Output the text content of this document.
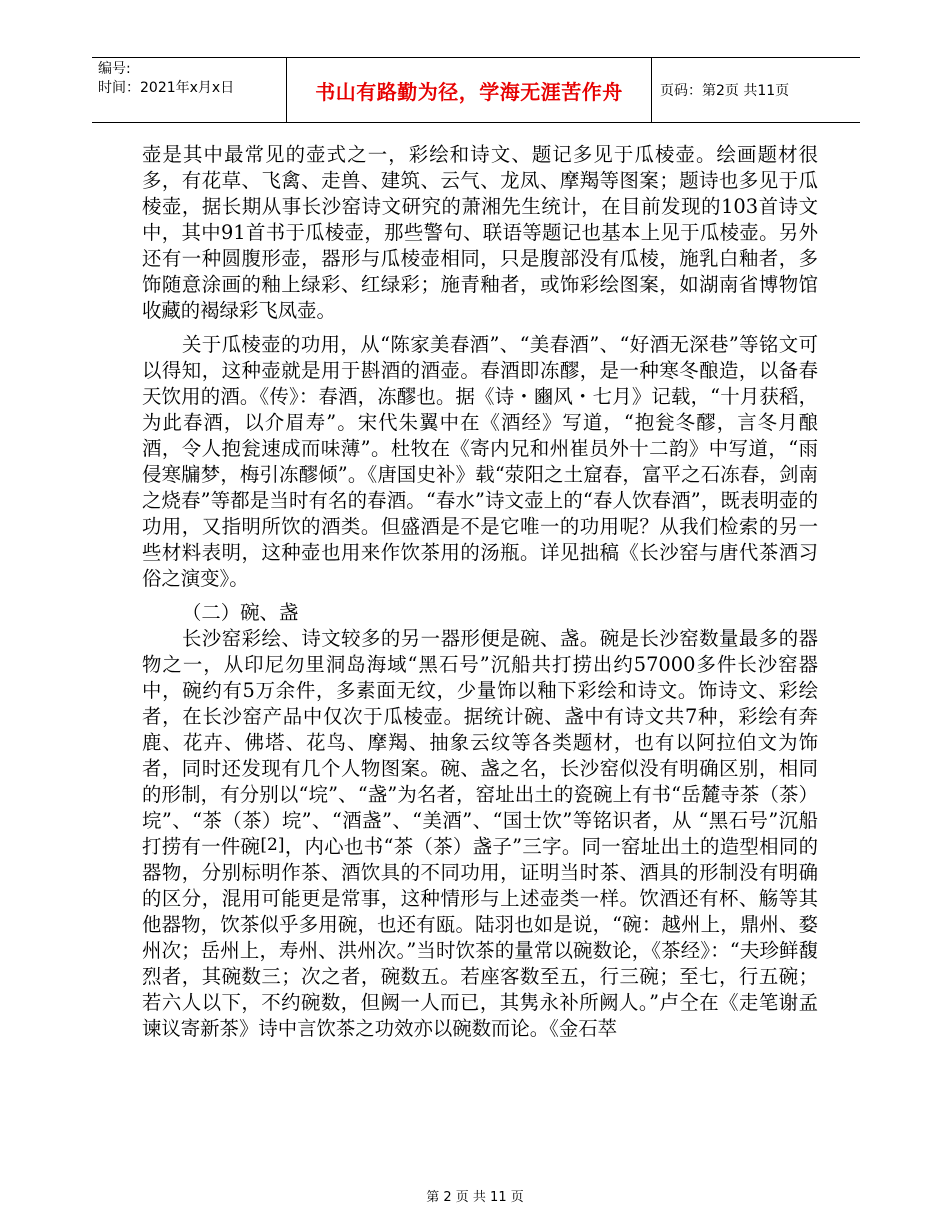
编号:
时间：2021年x月x日	书山有路勤为径，学海无涯苦作舟	页码：第2页 共11页

壶是其中最常见的壶式之一，彩绘和诗文、题记多见于瓜棱壶。绘画题材很多，有花草、飞禽、走兽、建筑、云气、龙凤、摩羯等图案；题诗也多见于瓜棱壶，据长期从事长沙窑诗文研究的萧湘先生统计，在目前发现的103首诗文中，其中91首书于瓜棱壶，那些警句、联语等题记也基本上见于瓜棱壶。另外还有一种圆腹形壶，器形与瓜棱壶相同，只是腹部没有瓜棱，施乳白釉者，多饰随意涂画的釉上绿彩、红绿彩；施青釉者，或饰彩绘图案，如湖南省博物馆收藏的褐绿彩飞凤壶。

关于瓜棱壶的功用，从“陈家美春酒”、“美春酒”、“好酒无深巷”等铭文可以得知，这种壶就是用于斟酒的酒壶。春酒即冻醪，是一种寒冬酿造，以备春天饮用的酒。《传》：春酒，冻醪也。据《诗・豳风・七月》记载，“十月获稻，为此春酒，以介眉寿”。宋代朱翼中在《酒经》写道，“抱瓮冬醪，言冬月酿酒，令人抱瓮速成而味薄”。杜牧在《寄内兄和州崔员外十二韵》中写道，“雨侵寒牖梦，梅引冻醪倾”。《唐国史补》载“荥阳之土窟春，富平之石冻春，剑南之烧春”等都是当时有名的春酒。“春水”诗文壶上的“春人饮春酒”，既表明壶的功用，又指明所饮的酒类。但盛酒是不是它唯一的功用呢？从我们检索的另一些材料表明，这种壶也用来作饮茶用的汤瓶。详见拙稿《长沙窑与唐代茶酒习俗之演变》。

（二）碗、盏

长沙窑彩绘、诗文较多的另一器形便是碗、盏。碗是长沙窑数量最多的器物之一，从印尼勿里洞岛海域“黑石号”沉船共打捞出约57000多件长沙窑器中，碗约有5万余件，多素面无纹，少量饰以釉下彩绘和诗文。饰诗文、彩绘者，在长沙窑产品中仅次于瓜棱壶。据统计碗、盏中有诗文共7种，彩绘有奔鹿、花卉、佛塔、花鸟、摩羯、抽象云纹等各类题材，也有以阿拉伯文为饰者，同时还发现有几个人物图案。碗、盏之名，长沙窑似没有明确区别，相同的形制，有分别以“垸”、“盏”为名者，窑址出土的瓷碗上有书“岳麓寺茶（茶）垸”、“茶（茶）垸”、“酒盏”、“美酒”、“国士饮”等铭识者，从 “黑石号”沉船打捞有一件碗[2]，内心也书“茶（茶）盏子”三字。同一窑址出土的造型相同的器物，分别标明作茶、酒饮具的不同功用，证明当时茶、酒具的形制没有明确的区分，混用可能更是常事，这种情形与上述壶类一样。饮酒还有杯、觞等其他器物，饮茶似乎多用碗，也还有瓯。陆羽也如是说，“碗：越州上，鼎州、婺州次；岳州上，寿州、洪州次。”当时饮茶的量常以碗数论，《茶经》：“夫珍鲜馥烈者，其碗数三；次之者，碗数五。若座客数至五，行三碗；至七，行五碗；若六人以下，不约碗数，但阙一人而已，其隽永补所阙人。”卢仝在《走笔谢孟谏议寄新茶》诗中言饮茶之功效亦以碗数而论。《金石萃

第 2 页 共 11 页
